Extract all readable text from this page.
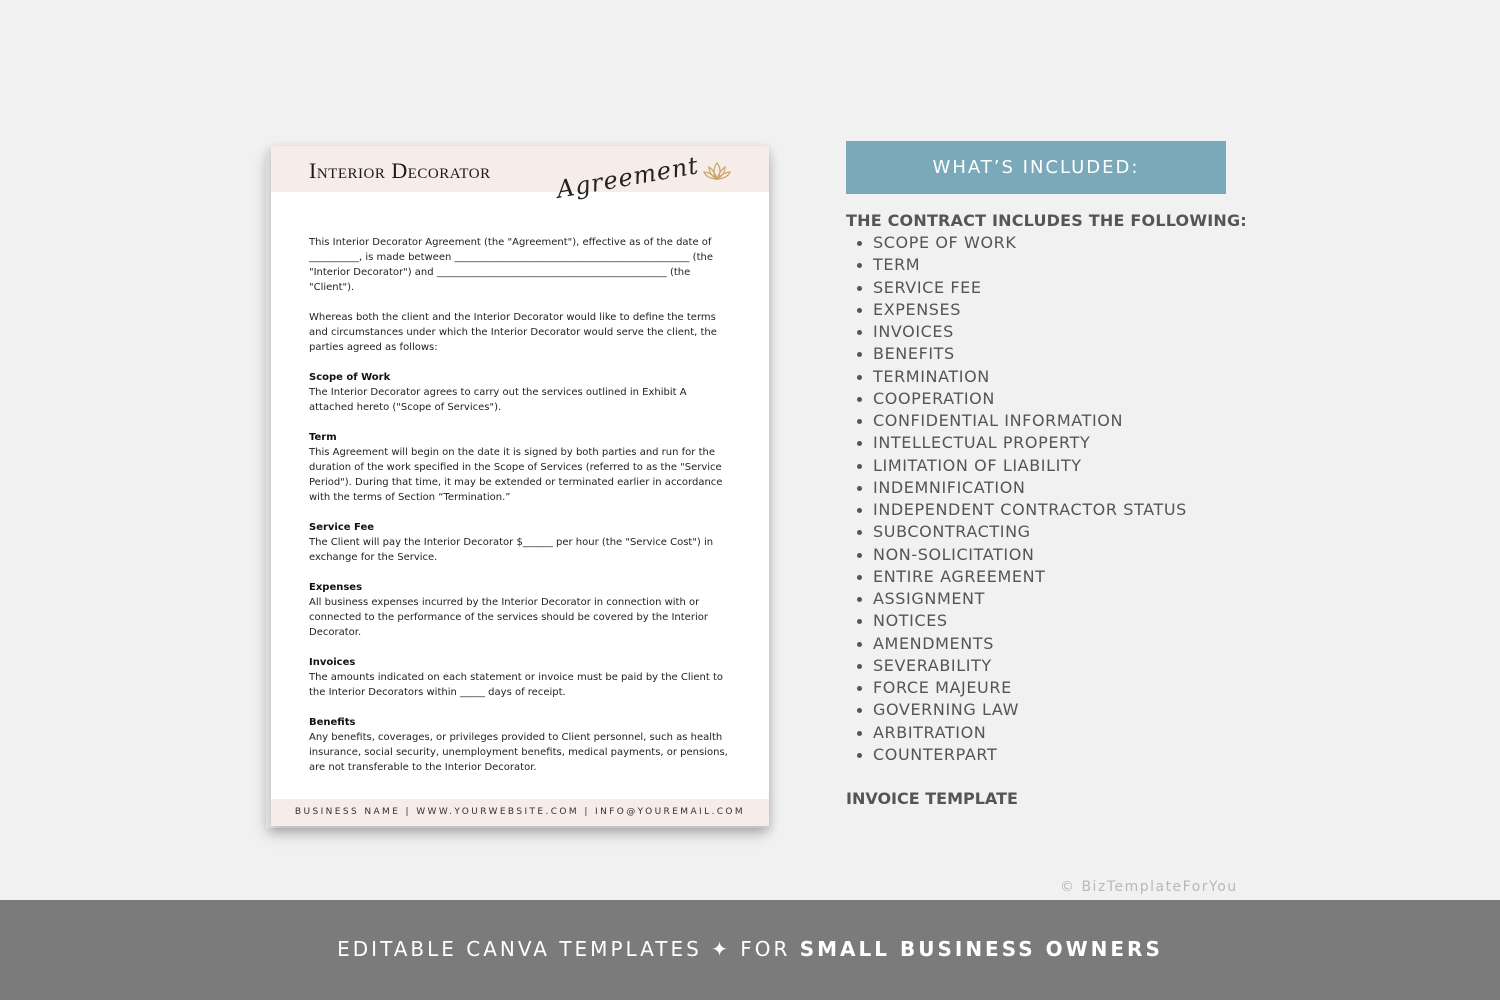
Interior Decorator	Agreement

This Interior Decorator Agreement (the "Agreement"), effective as of the date of __________, is made between _______________________________________________ (the "Interior Decorator") and ______________________________________________ (the "Client").

Whereas both the client and the Interior Decorator would like to define the terms and circumstances under which the Interior Decorator would serve the client, the parties agreed as follows:

Scope of Work
The Interior Decorator agrees to carry out the services outlined in Exhibit A attached hereto ("Scope of Services").

Term
This Agreement will begin on the date it is signed by both parties and run for the duration of the work specified in the Scope of Services (referred to as the "Service Period"). During that time, it may be extended or terminated earlier in accordance with the terms of Section “Termination.”

Service Fee
The Client will pay the Interior Decorator $______ per hour (the "Service Cost") in exchange for the Service.

Expenses
All business expenses incurred by the Interior Decorator in connection with or connected to the performance of the services should be covered by the Interior Decorator.

Invoices
The amounts indicated on each statement or invoice must be paid by the Client to the Interior Decorators within _____ days of receipt.

Benefits
Any benefits, coverages, or privileges provided to Client personnel, such as health insurance, social security, unemployment benefits, medical payments, or pensions, are not transferable to the Interior Decorator.

BUSINESS NAME | WWW.YOURWEBSITE.COM | INFO@YOUREMAIL.COM
WHAT’S INCLUDED:
THE CONTRACT INCLUDES THE FOLLOWING:
SCOPE OF WORK
TERM
SERVICE FEE
EXPENSES
INVOICES
BENEFITS
TERMINATION
COOPERATION
CONFIDENTIAL INFORMATION
INTELLECTUAL PROPERTY
LIMITATION OF LIABILITY
INDEMNIFICATION
INDEPENDENT CONTRACTOR STATUS
SUBCONTRACTING
NON-SOLICITATION
ENTIRE AGREEMENT
ASSIGNMENT
NOTICES
AMENDMENTS
SEVERABILITY
FORCE MAJEURE
GOVERNING LAW
ARBITRATION
COUNTERPART
INVOICE TEMPLATE
© BizTemplateForYou
EDITABLE CANVA TEMPLATES ✦ FOR SMALL BUSINESS OWNERS
